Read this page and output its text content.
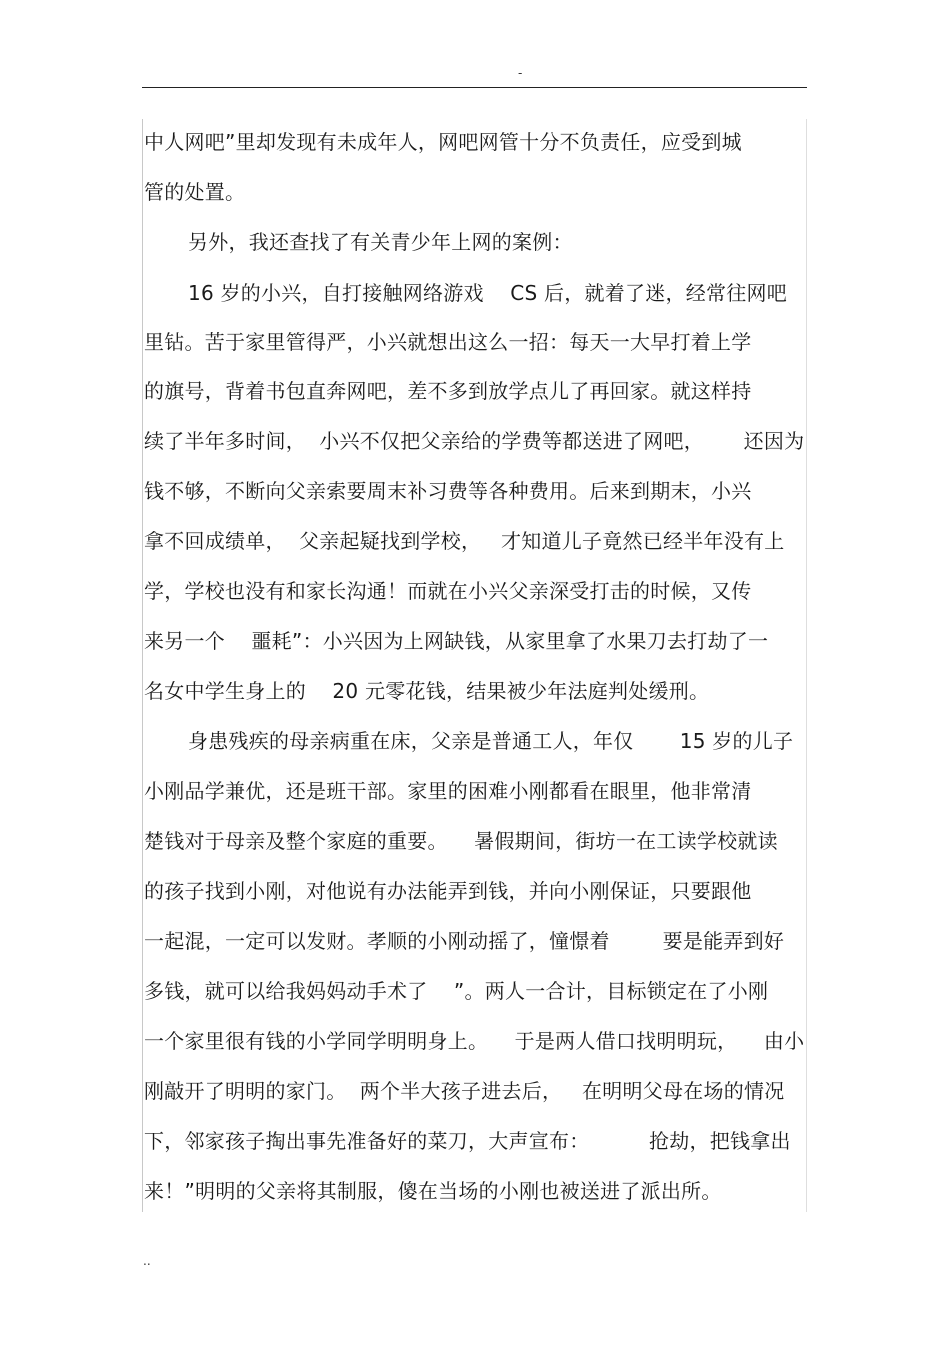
-
中人网吧”里却发现有未成年人，网吧网管十分不负责任，应受到城
管的处置。
另外，我还查找了有关青少年上网的案例：
16 岁的小兴，自打接触网络游戏    CS 后，就着了迷，经常往网吧
里钻。苦于家里管得严，小兴就想出这么一招：每天一大早打着上学
的旗号，背着书包直奔网吧，差不多到放学点儿了再回家。就这样持
续了半年多时间，  小兴不仅把父亲给的学费等都送进了网吧，      还因为
钱不够，不断向父亲索要周末补习费等各种费用。后来到期末，小兴
拿不回成绩单，  父亲起疑找到学校，   才知道儿子竟然已经半年没有上
学，学校也没有和家长沟通！而就在小兴父亲深受打击的时候，又传
来另一个    噩耗”：小兴因为上网缺钱，从家里拿了水果刀去打劫了一
名女中学生身上的    20 元零花钱，结果被少年法庭判处缓刑。
身患残疾的母亲病重在床，父亲是普通工人，年仅       15 岁的儿子
小刚品学兼优，还是班干部。家里的困难小刚都看在眼里，他非常清
楚钱对于母亲及整个家庭的重要。    暑假期间，街坊一在工读学校就读
的孩子找到小刚，对他说有办法能弄到钱，并向小刚保证，只要跟他
一起混，一定可以发财。孝顺的小刚动摇了，憧憬着        要是能弄到好
多钱，就可以给我妈妈动手术了    ”。两人一合计，目标锁定在了小刚
一个家里很有钱的小学同学明明身上。    于是两人借口找明明玩，    由小
刚敲开了明明的家门。  两个半大孩子进去后，   在明明父母在场的情况
下，邻家孩子掏出事先准备好的菜刀，大声宣布：         抢劫，把钱拿出
来！”明明的父亲将其制服，傻在当场的小刚也被送进了派出所。
..
